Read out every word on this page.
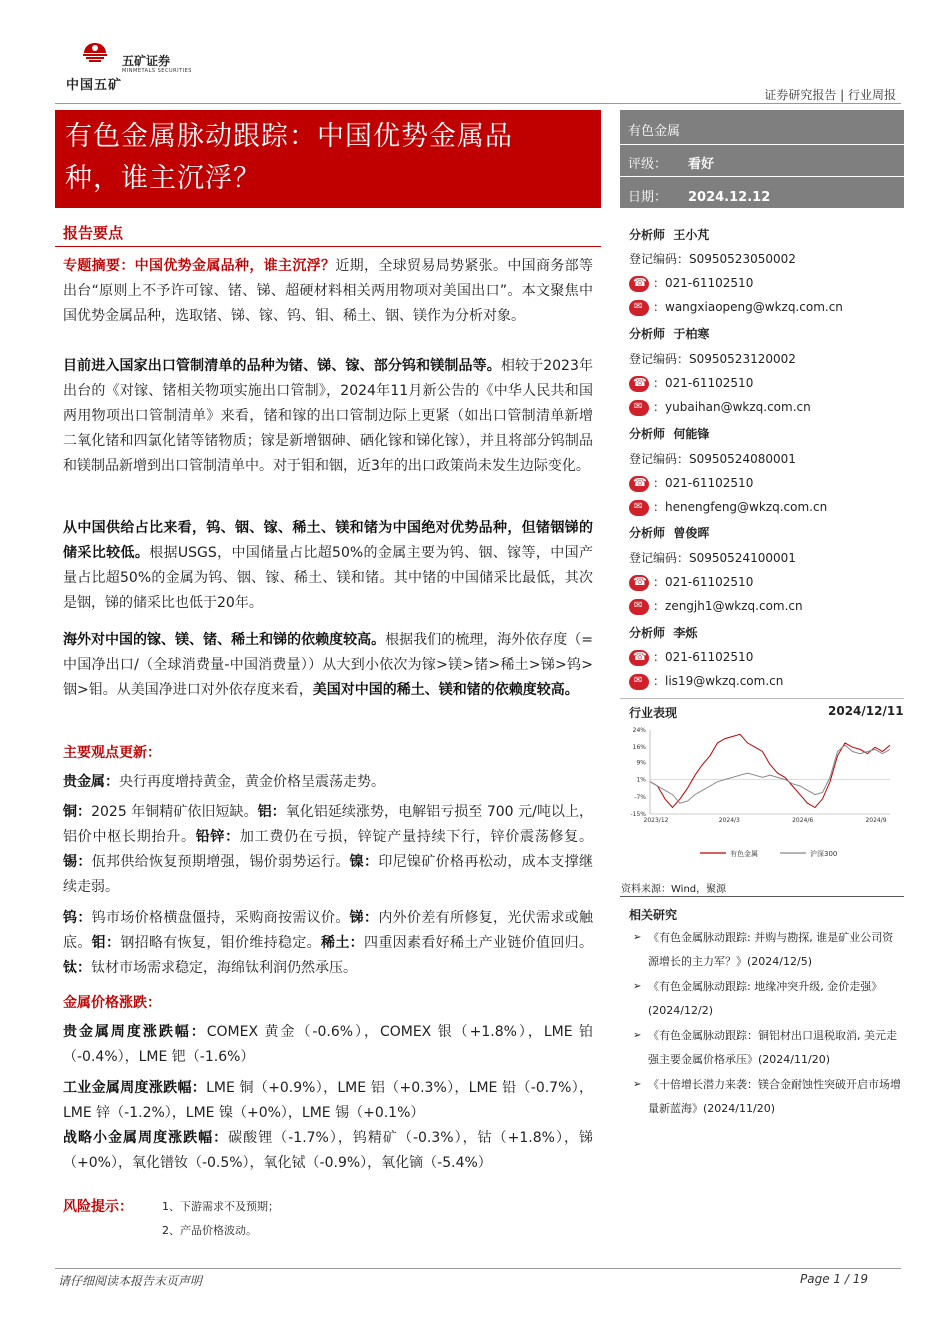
中国五矿
五矿证券
MINMETALS SECURITIES
证券研究报告 | 行业周报
有色金属脉动跟踪：中国优势金属品
种，谁主沉浮？
有色金属
评级： 看好
日期： 2024.12.12
报告要点
专题摘要：中国优势金属品种，谁主沉浮？近期，全球贸易局势紧张。中国商务部等出台“原则上不予许可镓、锗、锑、超硬材料相关两用物项对美国出口”。本文聚焦中国优势金属品种，选取锗、锑、镓、钨、钼、稀土、铟、镁作为分析对象。
目前进入国家出口管制清单的品种为锗、锑、镓、部分钨和镁制品等。相较于2023年出台的《对镓、锗相关物项实施出口管制》，2024年11月新公告的《中华人民共和国两用物项出口管制清单》来看，锗和镓的出口管制边际上更紧（如出口管制清单新增二氧化锗和四氯化锗等锗物质；镓是新增铟砷、硒化镓和锑化镓），并且将部分钨制品和镁制品新增到出口管制清单中。对于钼和铟，近3年的出口政策尚未发生边际变化。
从中国供给占比来看，钨、铟、镓、稀土、镁和锗为中国绝对优势品种，但锗铟锑的储采比较低。根据USGS，中国储量占比超50%的金属主要为钨、铟、镓等，中国产量占比超50%的金属为钨、铟、镓、稀土、镁和锗。其中锗的中国储采比最低，其次是铟，锑的储采比也低于20年。
海外对中国的镓、镁、锗、稀土和锑的依赖度较高。根据我们的梳理，海外依存度（=中国净出口/（全球消费量-中国消费量））从大到小依次为镓>镁>锗>稀土>锑>钨>铟>钼。从美国净进口对外依存度来看，美国对中国的稀土、镁和锗的依赖度较高。
主要观点更新：
贵金属：央行再度增持黄金，黄金价格呈震荡走势。
铜：2025 年铜精矿依旧短缺。铝：氧化铝延续涨势，电解铝亏损至 700 元/吨以上，铝价中枢长期抬升。铅锌：加工费仍在亏损，锌锭产量持续下行，锌价震荡修复。锡：佤邦供给恢复预期增强，锡价弱势运行。镍：印尼镍矿价格再松动，成本支撑继续走弱。
钨：钨市场价格横盘僵持，采购商按需议价。锑：内外价差有所修复，光伏需求或触底。钼：钢招略有恢复，钼价维持稳定。稀土：四重因素看好稀土产业链价值回归。钛：钛材市场需求稳定，海绵钛利润仍然承压。
金属价格涨跌：
贵金属周度涨跌幅：COMEX 黄金（-0.6%），COMEX 银（+1.8%），LME 铂（-0.4%），LME 钯（-1.6%）
工业金属周度涨跌幅：LME 铜（+0.9%），LME 铝（+0.3%），LME 铅（-0.7%），LME 锌（-1.2%），LME 镍（+0%），LME 锡（+0.1%）
战略小金属周度涨跌幅：碳酸锂（-1.7%），钨精矿（-0.3%），钴（+1.8%），锑（+0%），氧化镨钕（-0.5%），氧化铽（-0.9%），氧化镝（-5.4%）
风险提示：	1、下游需求不及预期；
2、产品价格波动。
分析师 王小芃
登记编码：S0950523050002
☎：021-61102510
✉：wangxiaopeng@wkzq.com.cn
分析师 于柏寒
登记编码：S0950523120002
☎：021-61102510
✉：yubaihan@wkzq.com.cn
分析师 何能锋
登记编码：S0950524080001
☎：021-61102510
✉：henengfeng@wkzq.com.cn
分析师 曾俊晖
登记编码：S0950524100001
☎：021-61102510
✉：zengjh1@wkzq.com.cn
分析师 李烁
☎：021-61102510
✉：lis19@wkzq.com.cn
行业表现	2024/12/11
24%
16%
9%
1%
-7%
-15%
2023/12	2024/3	2024/6	2024/9
有色金属	沪深300
资料来源：Wind，聚源
相关研究
➢ 《有色金属脉动跟踪: 并购与勘探, 谁是矿业公司资源增长的主力军？》(2024/12/5)
➢ 《有色金属脉动跟踪: 地缘冲突升级, 金价走强》(2024/12/2)
➢ 《有色金属脉动跟踪：铜铝材出口退税取消, 美元走强主要金属价格承压》(2024/11/20)
➢ 《十倍增长潜力来袭：镁合金耐蚀性突破开启市场增量新蓝海》(2024/11/20)
请仔细阅读本报告末页声明	Page 1 / 19
